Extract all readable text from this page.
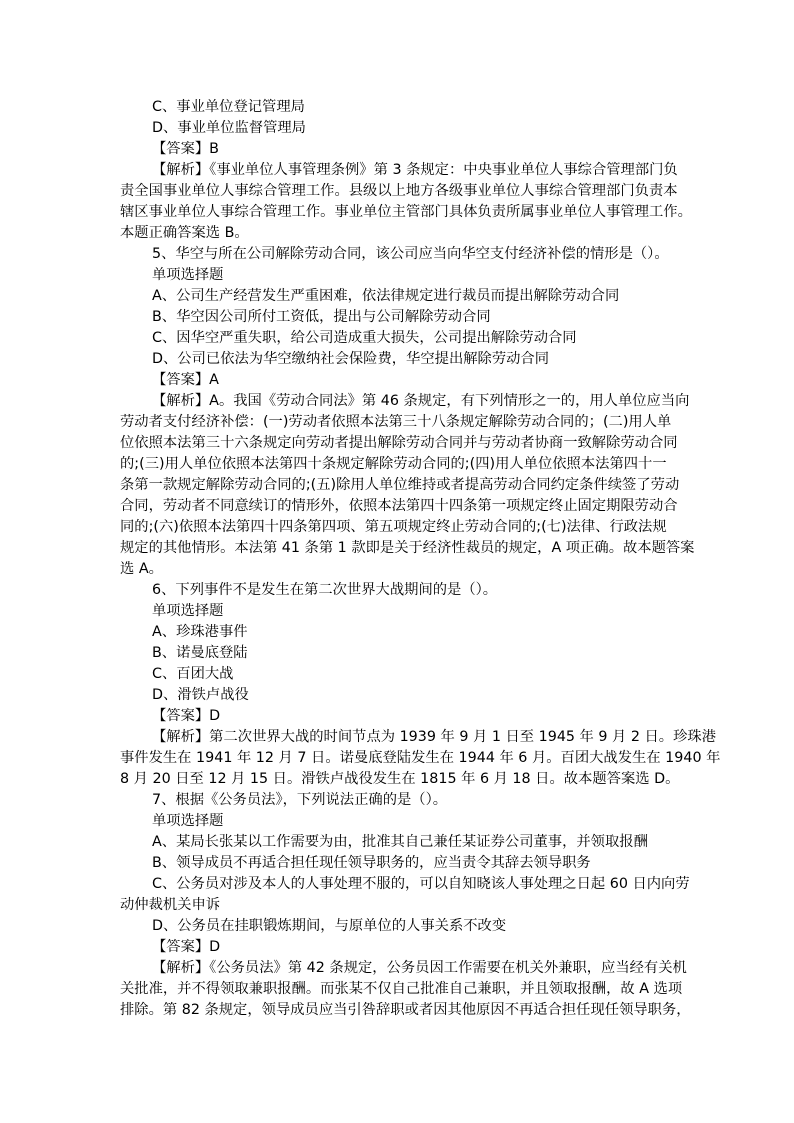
C、事业单位登记管理局
D、事业单位监督管理局
【答案】B
【解析】《事业单位人事管理条例》第 3 条规定：中央事业单位人事综合管理部门负
责全国事业单位人事综合管理工作。县级以上地方各级事业单位人事综合管理部门负责本
辖区事业单位人事综合管理工作。事业单位主管部门具体负责所属事业单位人事管理工作。
本题正确答案选 B。
5、华空与所在公司解除劳动合同，该公司应当向华空支付经济补偿的情形是（）。
单项选择题
A、公司生产经营发生严重困难，依法律规定进行裁员而提出解除劳动合同
B、华空因公司所付工资低，提出与公司解除劳动合同
C、因华空严重失职，给公司造成重大损失，公司提出解除劳动合同
D、公司已依法为华空缴纳社会保险费，华空提出解除劳动合同
【答案】A
【解析】A。我国《劳动合同法》第 46 条规定，有下列情形之一的，用人单位应当向
劳动者支付经济补偿：(一)劳动者依照本法第三十八条规定解除劳动合同的；(二)用人单
位依照本法第三十六条规定向劳动者提出解除劳动合同并与劳动者协商一致解除劳动合同
的;(三)用人单位依照本法第四十条规定解除劳动合同的;(四)用人单位依照本法第四十一
条第一款规定解除劳动合同的;(五)除用人单位维持或者提高劳动合同约定条件续签了劳动
合同，劳动者不同意续订的情形外，依照本法第四十四条第一项规定终止固定期限劳动合
同的;(六)依照本法第四十四条第四项、第五项规定终止劳动合同的;(七)法律、行政法规
规定的其他情形。本法第 41 条第 1 款即是关于经济性裁员的规定，A 项正确。故本题答案
选 A。
6、下列事件不是发生在第二次世界大战期间的是（）。
单项选择题
A、珍珠港事件
B、诺曼底登陆
C、百团大战
D、滑铁卢战役
【答案】D
【解析】第二次世界大战的时间节点为 1939 年 9 月 1 日至 1945 年 9 月 2 日。珍珠港
事件发生在 1941 年 12 月 7 日。诺曼底登陆发生在 1944 年 6 月。百团大战发生在 1940 年
8 月 20 日至 12 月 15 日。滑铁卢战役发生在 1815 年 6 月 18 日。故本题答案选 D。
7、根据《公务员法》，下列说法正确的是（）。
单项选择题
A、某局长张某以工作需要为由，批准其自己兼任某证券公司董事，并领取报酬
B、领导成员不再适合担任现任领导职务的，应当责令其辞去领导职务
C、公务员对涉及本人的人事处理不服的，可以自知晓该人事处理之日起 60 日内向劳
动仲裁机关申诉
D、公务员在挂职锻炼期间，与原单位的人事关系不改变
【答案】D
【解析】《公务员法》第 42 条规定，公务员因工作需要在机关外兼职，应当经有关机
关批准，并不得领取兼职报酬。而张某不仅自己批准自己兼职，并且领取报酬，故 A 选项
排除。第 82 条规定，领导成员应当引咎辞职或者因其他原因不再适合担任现任领导职务，
